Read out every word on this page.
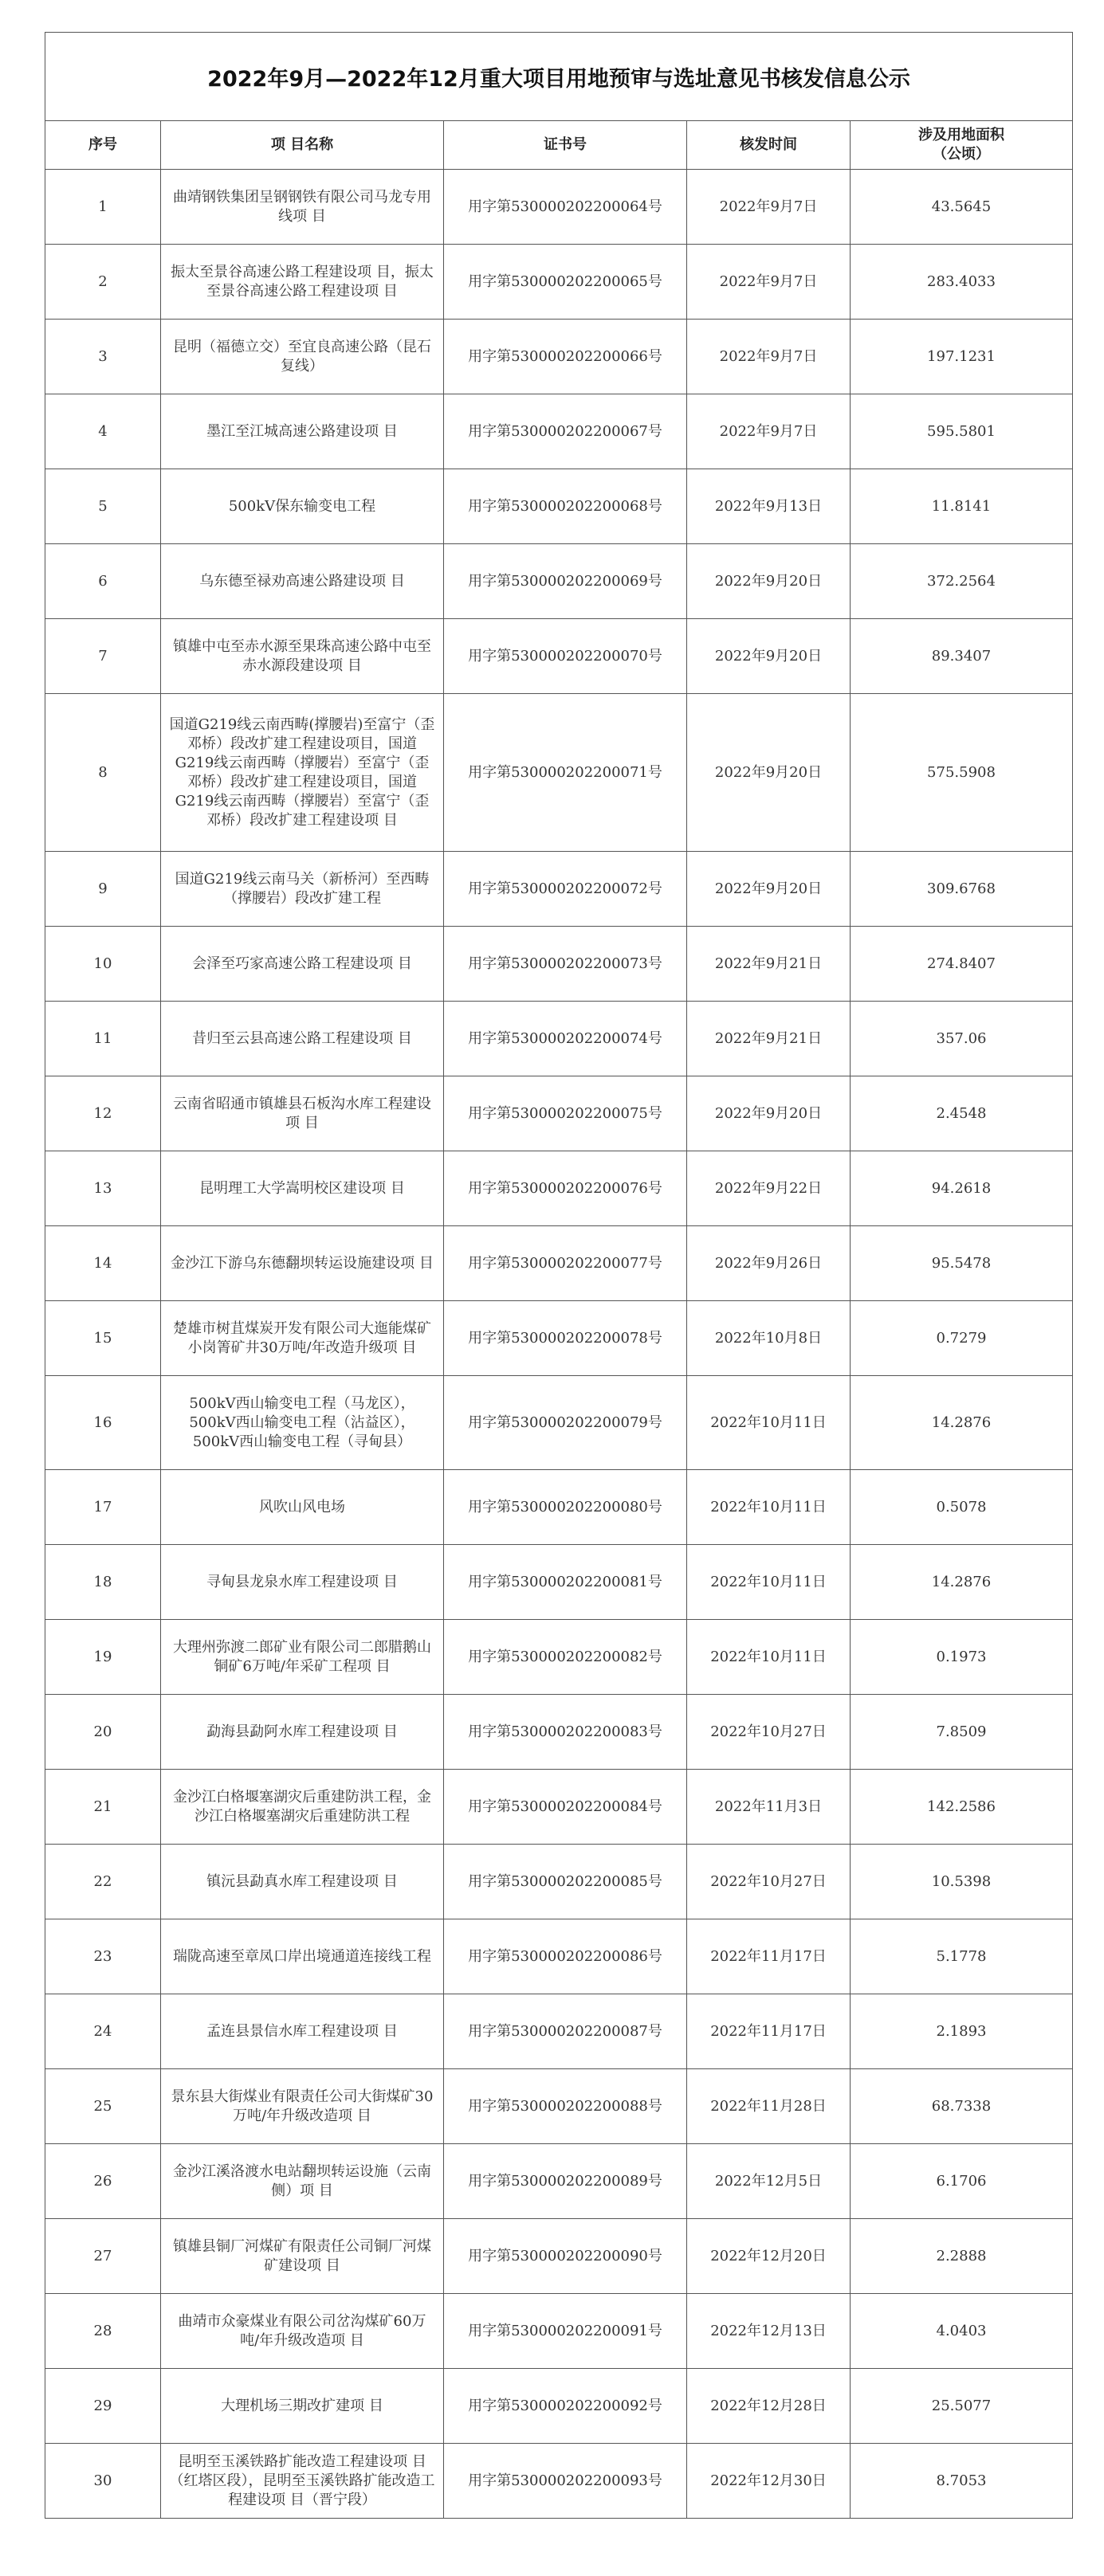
2022年9月—2022年12月重大项目用地预审与选址意见书核发信息公示				
序号	项 目名称	证书号	核发时间	涉及用地面积
（公顷）
1	曲靖钢铁集团呈钢钢铁有限公司马龙专用线项 目	用字第530000202200064号	2022年9月7日	43.5645
2	振太至景谷高速公路工程建设项 目，振太至景谷高速公路工程建设项 目	用字第530000202200065号	2022年9月7日	283.4033
3	昆明（福德立交）至宜良高速公路（昆石复线）	用字第530000202200066号	2022年9月7日	197.1231
4	墨江至江城高速公路建设项 目	用字第530000202200067号	2022年9月7日	595.5801
5	500kV保东输变电工程	用字第530000202200068号	2022年9月13日	11.8141
6	乌东德至禄劝高速公路建设项 目	用字第530000202200069号	2022年9月20日	372.2564
7	镇雄中屯至赤水源至果珠高速公路中屯至赤水源段建设项 目	用字第530000202200070号	2022年9月20日	89.3407
8	国道G219线云南西畴(撑腰岩)至富宁（歪邓桥）段改扩建工程建设项目，国道G219线云南西畴（撑腰岩）至富宁（歪邓桥）段改扩建工程建设项目，国道G219线云南西畴（撑腰岩）至富宁（歪邓桥）段改扩建工程建设项 目	用字第530000202200071号	2022年9月20日	575.5908
9	国道G219线云南马关（新桥河）至西畴（撑腰岩）段改扩建工程	用字第530000202200072号	2022年9月20日	309.6768
10	会泽至巧家高速公路工程建设项 目	用字第530000202200073号	2022年9月21日	274.8407
11	昔归至云县高速公路工程建设项 目	用字第530000202200074号	2022年9月21日	357.06
12	云南省昭通市镇雄县石板沟水库工程建设项 目	用字第530000202200075号	2022年9月20日	2.4548
13	昆明理工大学嵩明校区建设项 目	用字第530000202200076号	2022年9月22日	94.2618
14	金沙江下游乌东德翻坝转运设施建设项 目	用字第530000202200077号	2022年9月26日	95.5478
15	楚雄市树苴煤炭开发有限公司大迤能煤矿小岗箐矿井30万吨/年改造升级项 目	用字第530000202200078号	2022年10月8日	0.7279
16	500kV西山输变电工程（马龙区），500kV西山输变电工程（沾益区），500kV西山输变电工程（寻甸县）	用字第530000202200079号	2022年10月11日	14.2876
17	风吹山风电场	用字第530000202200080号	2022年10月11日	0.5078
18	寻甸县龙泉水库工程建设项 目	用字第530000202200081号	2022年10月11日	14.2876
19	大理州弥渡二郎矿业有限公司二郎腊鹅山铜矿6万吨/年采矿工程项 目	用字第530000202200082号	2022年10月11日	0.1973
20	勐海县勐阿水库工程建设项 目	用字第530000202200083号	2022年10月27日	7.8509
21	金沙江白格堰塞湖灾后重建防洪工程，金沙江白格堰塞湖灾后重建防洪工程	用字第530000202200084号	2022年11月3日	142.2586
22	镇沅县勐真水库工程建设项 目	用字第530000202200085号	2022年10月27日	10.5398
23	瑞陇高速至章凤口岸出境通道连接线工程	用字第530000202200086号	2022年11月17日	5.1778
24	孟连县景信水库工程建设项 目	用字第530000202200087号	2022年11月17日	2.1893
25	景东县大街煤业有限责任公司大街煤矿30万吨/年升级改造项 目	用字第530000202200088号	2022年11月28日	68.7338
26	金沙江溪洛渡水电站翻坝转运设施（云南侧）项 目	用字第530000202200089号	2022年12月5日	6.1706
27	镇雄县铜厂河煤矿有限责任公司铜厂河煤矿建设项 目	用字第530000202200090号	2022年12月20日	2.2888
28	曲靖市众豪煤业有限公司岔沟煤矿60万吨/年升级改造项 目	用字第530000202200091号	2022年12月13日	4.0403
29	大理机场三期改扩建项 目	用字第530000202200092号	2022年12月28日	25.5077
30	昆明至玉溪铁路扩能改造工程建设项 目（红塔区段），昆明至玉溪铁路扩能改造工程建设项 目（晋宁段）	用字第530000202200093号	2022年12月30日	8.7053
